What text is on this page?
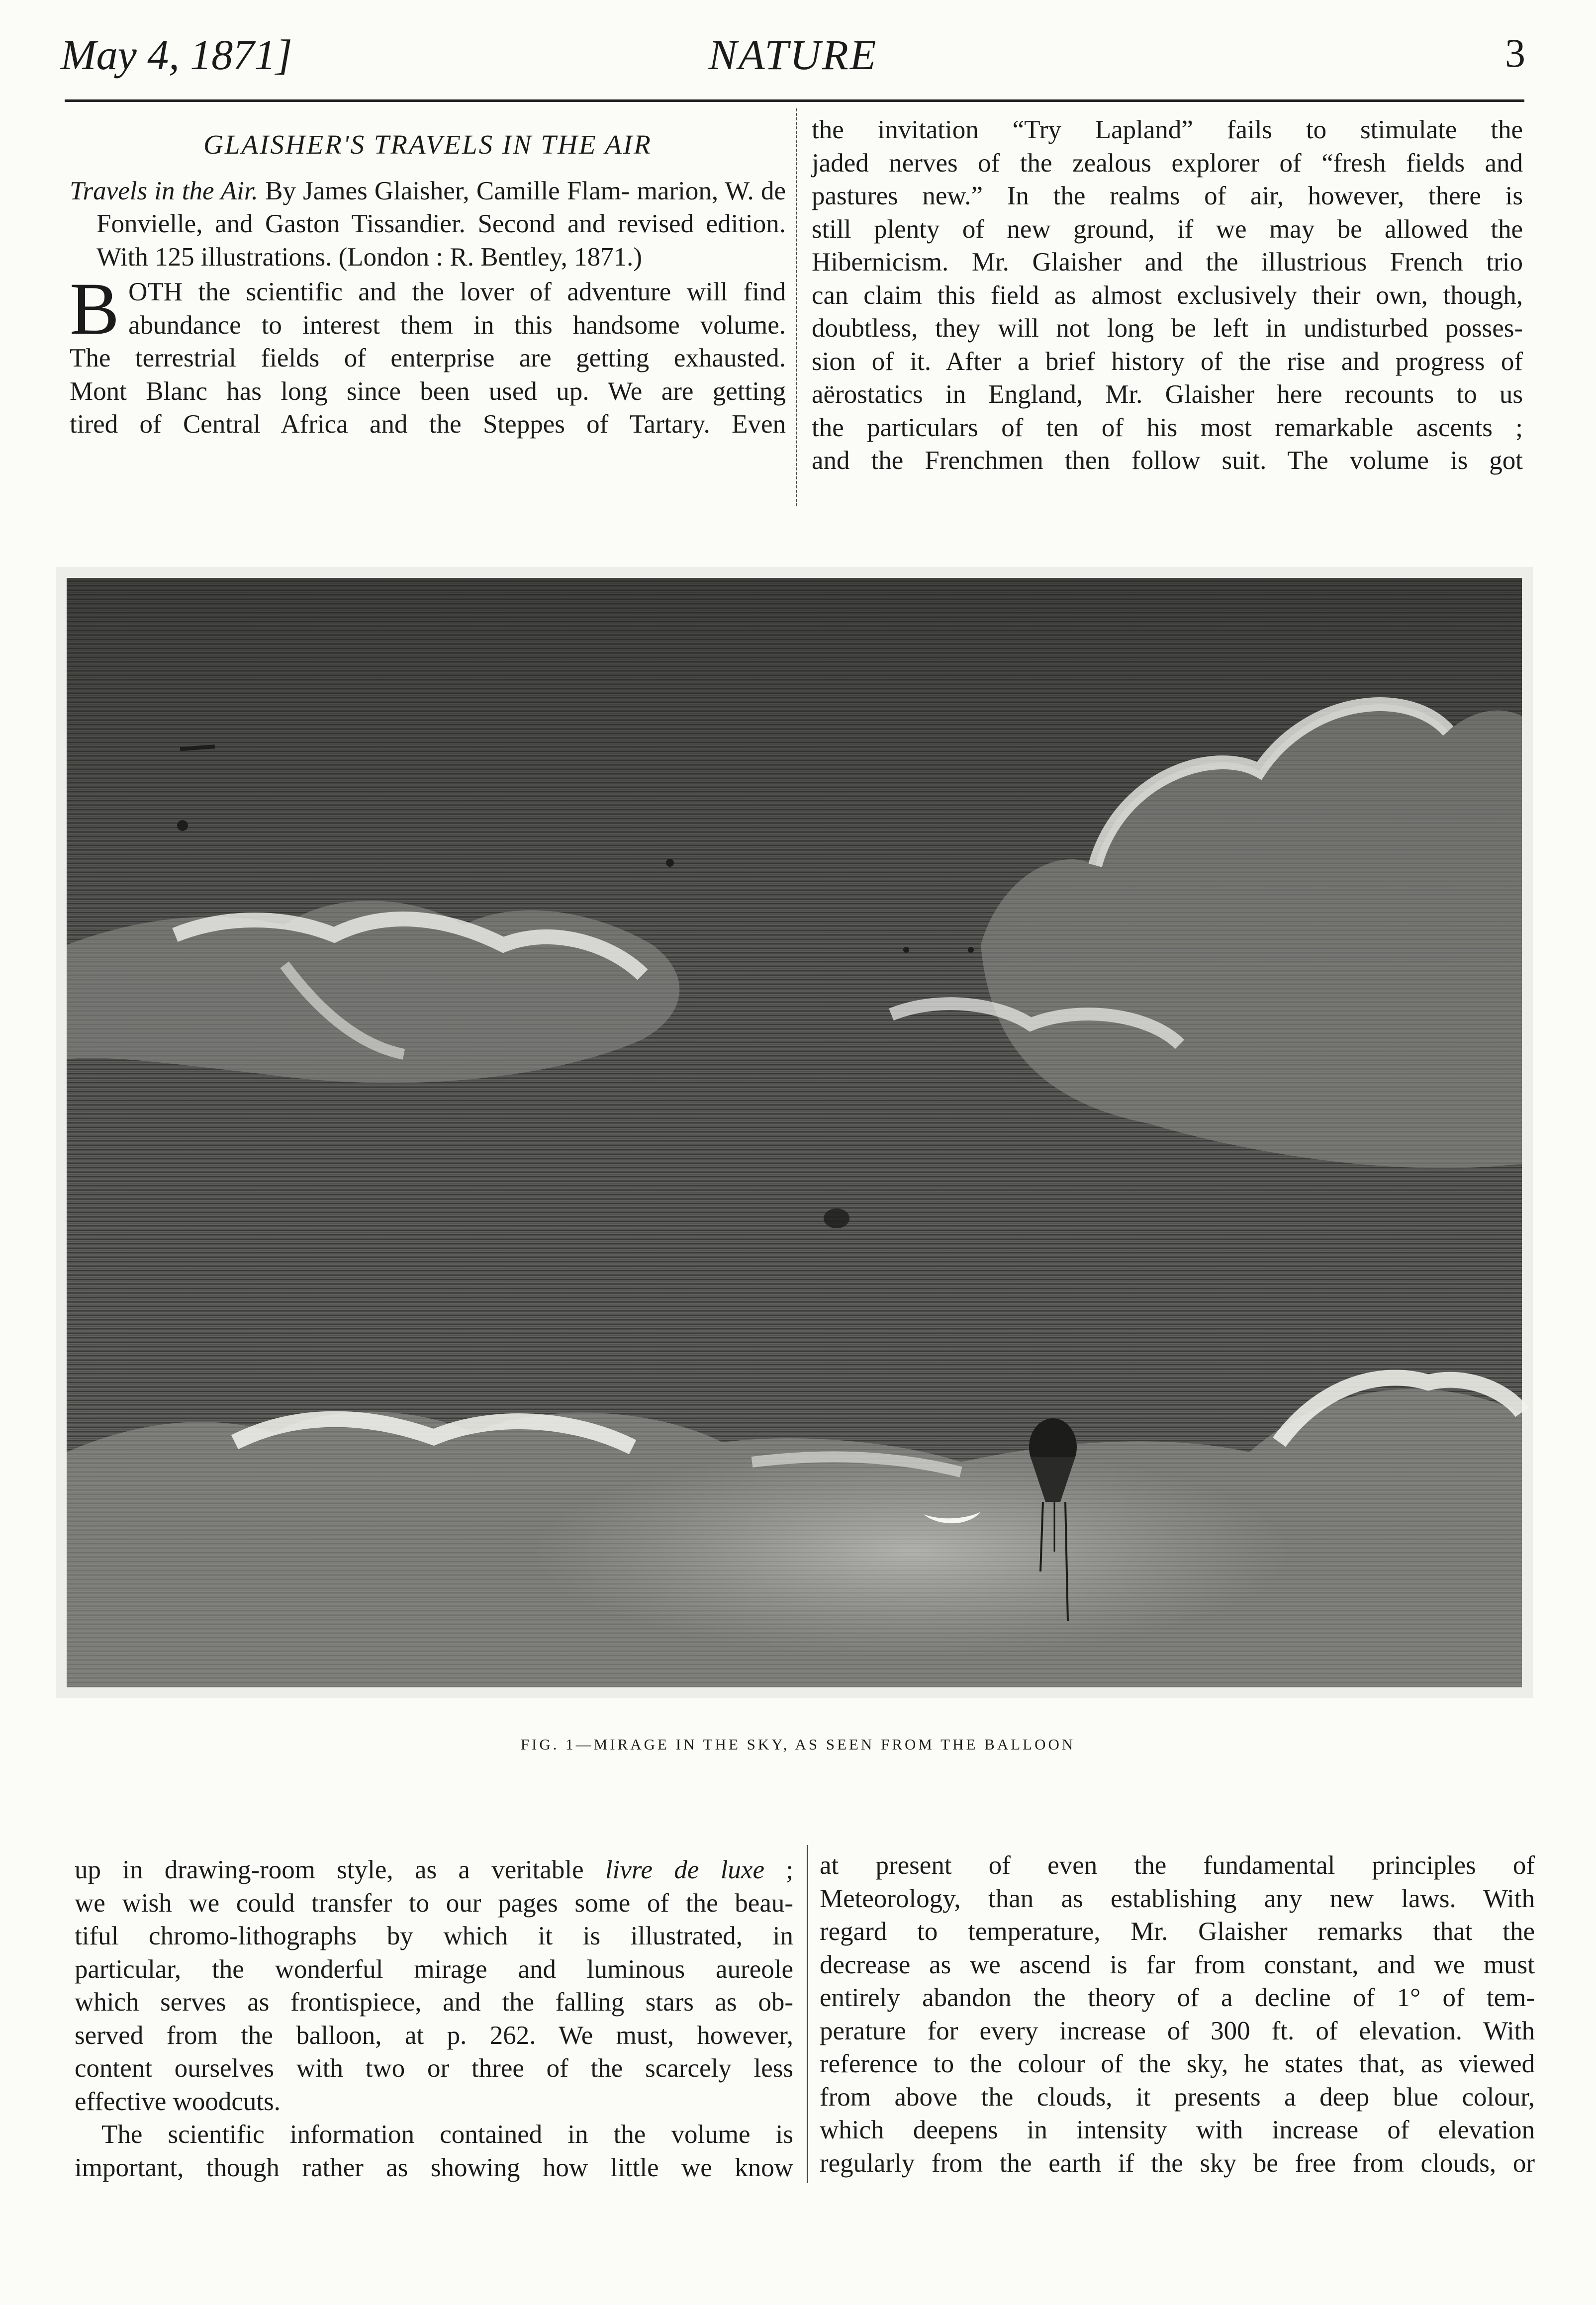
May 4, 1871]	NATURE	3
GLAISHER'S TRAVELS IN THE AIR
Travels in the Air. By James Glaisher, Camille Flam- marion, W. de Fonvielle, and Gaston Tissandier. Second and revised edition. With 125 illustrations. (London : R. Bentley, 1871.)
B OTH the scientific and the lover of adventure will find
abundance to interest them in this handsome volume.
The terrestrial fields of enterprise are getting exhausted.
Mont Blanc has long since been used up. We are getting
tired of Central Africa and the Steppes of Tartary. Even
the invitation “Try Lapland” fails to stimulate the
jaded nerves of the zealous explorer of “fresh fields and
pastures new.” In the realms of air, however, there is
still plenty of new ground, if we may be allowed the
Hibernicism. Mr. Glaisher and the illustrious French trio
can claim this field as almost exclusively their own, though,
doubtless, they will not long be left in undisturbed posses-
sion of it. After a brief history of the rise and progress of
aërostatics in England, Mr. Glaisher here recounts to us
the particulars of ten of his most remarkable ascents ;
and the Frenchmen then follow suit. The volume is got
FIG. 1—MIRAGE IN THE SKY, AS SEEN FROM THE BALLOON
up in drawing-room style, as a veritable livre de luxe ;
we wish we could transfer to our pages some of the beau-
tiful chromo-lithographs by which it is illustrated, in
particular, the wonderful mirage and luminous aureole
which serves as frontispiece, and the falling stars as ob-
served from the balloon, at p. 262. We must, however,
content ourselves with two or three of the scarcely less
effective woodcuts.
The scientific information contained in the volume is
important, though rather as showing how little we know
at present of even the fundamental principles of
Meteorology, than as establishing any new laws. With
regard to temperature, Mr. Glaisher remarks that the
decrease as we ascend is far from constant, and we must
entirely abandon the theory of a decline of 1° of tem-
perature for every increase of 300 ft. of elevation. With
reference to the colour of the sky, he states that, as viewed
from above the clouds, it presents a deep blue colour,
which deepens in intensity with increase of elevation
regularly from the earth if the sky be free from clouds, or
